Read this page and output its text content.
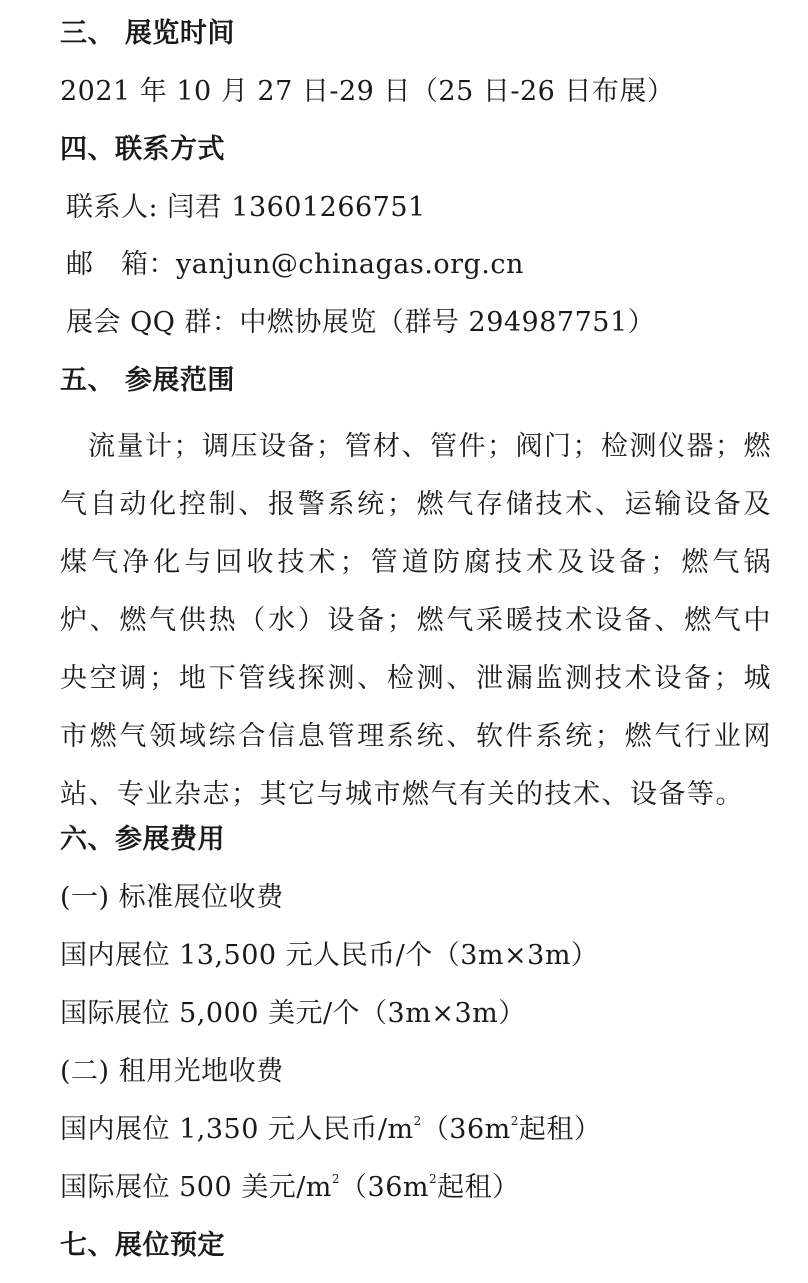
三、 展览时间
2021 年 10 月 27 日-29 日（25 日-26 日布展）
四、联系方式
联系人: 闫君 13601266751
邮　箱：yanjun@chinagas.org.cn
展会 QQ 群：中燃协展览（群号 294987751）
五、 参展范围
流量计；调压设备；管材、管件；阀门；检测仪器；燃气自动化控制、报警系统；燃气存储技术、运输设备及煤气净化与回收技术；管道防腐技术及设备；燃气锅炉、燃气供热（水）设备；燃气采暖技术设备、燃气中央空调；地下管线探测、检测、泄漏监测技术设备；城市燃气领域综合信息管理系统、软件系统；燃气行业网站、专业杂志；其它与城市燃气有关的技术、设备等。
六、参展费用
(一) 标准展位收费
国内展位 13,500 元人民币/个（3m×3m）
国际展位 5,000 美元/个（3m×3m）
(二) 租用光地收费
国内展位 1,350 元人民币$/m^2(36m^2$起租）
国际展位 500 美元$/m^2(36m^2$起租）
七、展位预定
